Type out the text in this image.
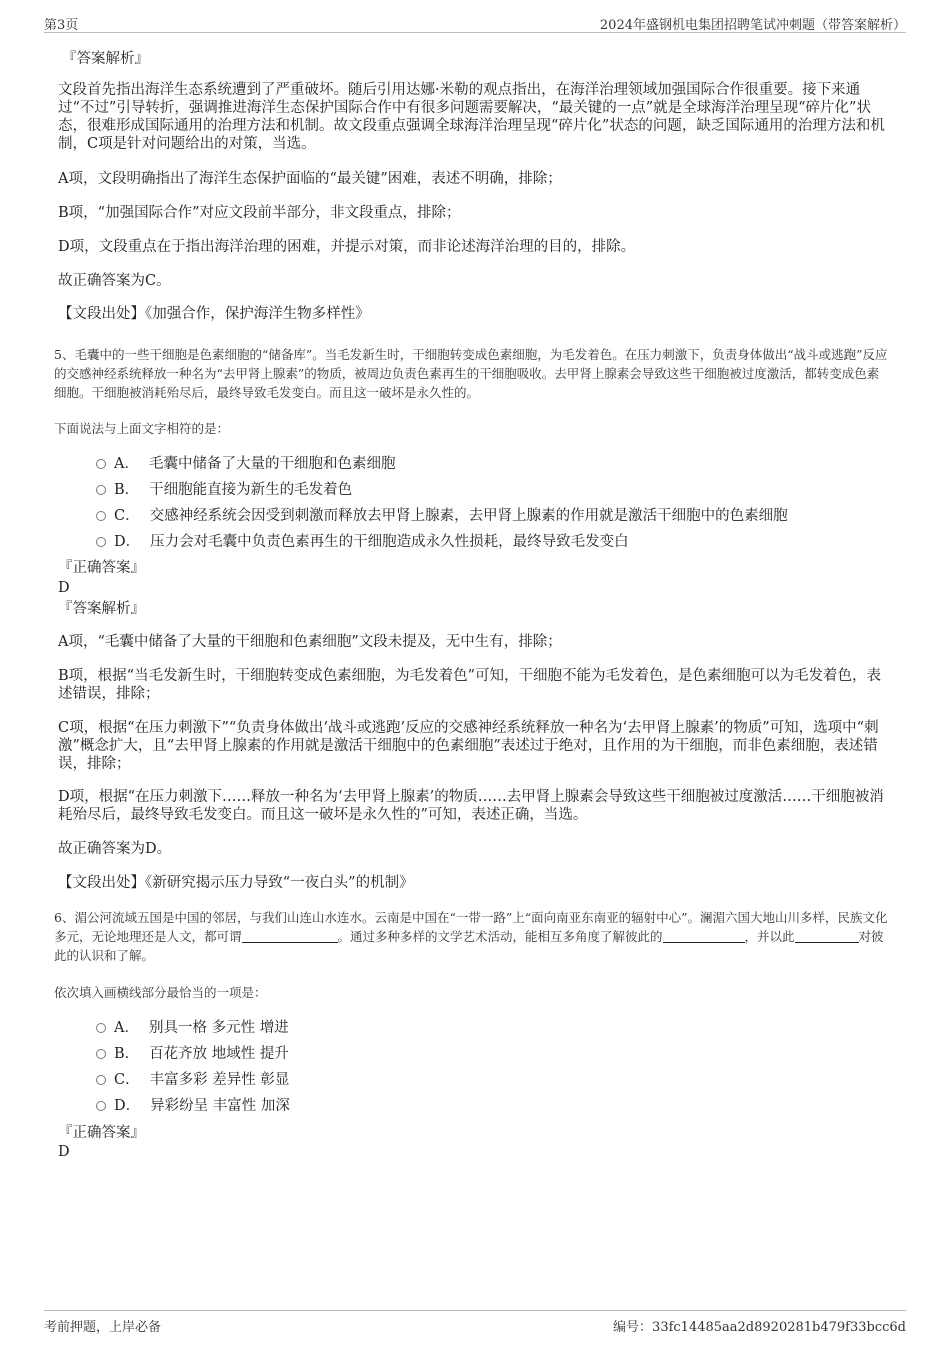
第3页	2024年盛钢机电集团招聘笔试冲刺题（带答案解析）

『答案解析』

文段首先指出海洋生态系统遭到了严重破坏。随后引用达娜·米勒的观点指出，在海洋治理领域加强国际合作很重要。接下来通过“不过”引导转折，强调推进海洋生态保护国际合作中有很多问题需要解决，“最关键的一点”就是全球海洋治理呈现“碎片化”状态，很难形成国际通用的治理方法和机制。故文段重点强调全球海洋治理呈现“碎片化”状态的问题，缺乏国际通用的治理方法和机制，C项是针对问题给出的对策，当选。

A项，文段明确指出了海洋生态保护面临的“最关键”困难，表述不明确，排除；

B项，“加强国际合作”对应文段前半部分，非文段重点，排除；

D项，文段重点在于指出海洋治理的困难，并提示对策，而非论述海洋治理的目的，排除。

故正确答案为C。

【文段出处】《加强合作，保护海洋生物多样性》

5、毛囊中的一些干细胞是色素细胞的“储备库”。当毛发新生时，干细胞转变成色素细胞，为毛发着色。在压力刺激下，负责身体做出“战斗或逃跑”反应的交感神经系统释放一种名为“去甲肾上腺素”的物质，被周边负责色素再生的干细胞吸收。去甲肾上腺素会导致这些干细胞被过度激活，都转变成色素细胞。干细胞被消耗殆尽后，最终导致毛发变白。而且这一破坏是永久性的。

下面说法与上面文字相符的是：

A． 毛囊中储备了大量的干细胞和色素细胞
B． 干细胞能直接为新生的毛发着色
C． 交感神经系统会因受到刺激而释放去甲肾上腺素，去甲肾上腺素的作用就是激活干细胞中的色素细胞
D． 压力会对毛囊中负责色素再生的干细胞造成永久性损耗，最终导致毛发变白

『正确答案』

D

『答案解析』

A项，“毛囊中储备了大量的干细胞和色素细胞”文段未提及，无中生有，排除；

B项，根据“当毛发新生时，干细胞转变成色素细胞，为毛发着色”可知，干细胞不能为毛发着色，是色素细胞可以为毛发着色，表述错误，排除；

C项，根据“在压力刺激下”“负责身体做出‘战斗或逃跑’反应的交感神经系统释放一种名为‘去甲肾上腺素’的物质”可知，选项中“刺激”概念扩大，且“去甲肾上腺素的作用就是激活干细胞中的色素细胞”表述过于绝对，且作用的为干细胞，而非色素细胞，表述错误，排除；

D项，根据“在压力刺激下……释放一种名为‘去甲肾上腺素’的物质……去甲肾上腺素会导致这些干细胞被过度激活……干细胞被消耗殆尽后，最终导致毛发变白。而且这一破坏是永久性的”可知，表述正确，当选。

故正确答案为D。

【文段出处】《新研究揭示压力导致“一夜白头”的机制》

6、湄公河流域五国是中国的邻居，与我们山连山水连水。云南是中国在“一带一路”上“面向南亚东南亚的辐射中心”。澜湄六国大地山川多样，民族文化多元，无论地理还是人文，都可谓	。通过多种多样的文学艺术活动，能相互多角度了解彼此的	，并以此	对彼此的认识和了解。

依次填入画横线部分最恰当的一项是：

A． 别具一格 多元性 增进
B． 百花齐放 地域性 提升
C． 丰富多彩 差异性 彰显
D． 异彩纷呈 丰富性 加深

『正确答案』

D

考前押题，上岸必备	编号：33fc14485aa2d8920281b479f33bcc6d
